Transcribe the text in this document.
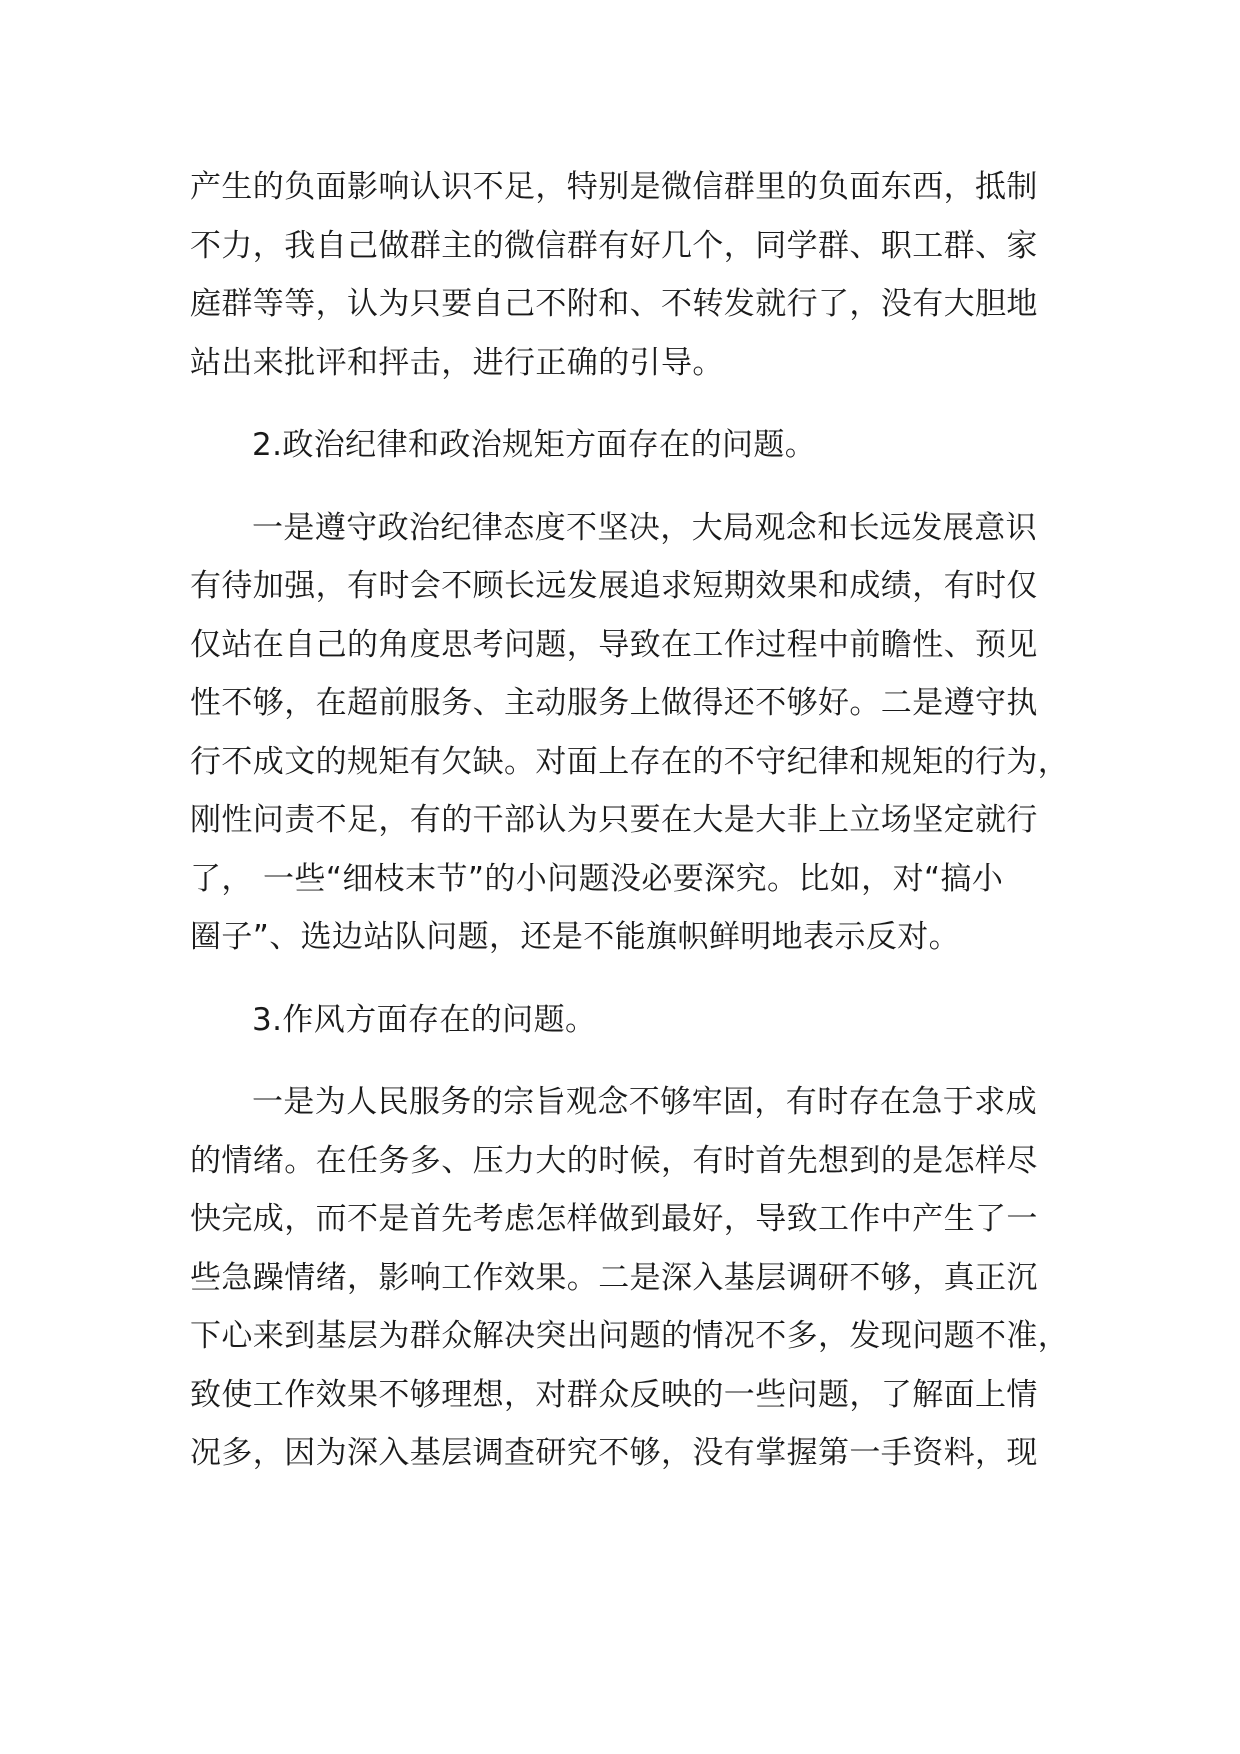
产生的负面影响认识不足，特别是微信群里的负面东西，抵制
不力，我自己做群主的微信群有好几个，同学群、职工群、家
庭群等等，认为只要自己不附和、不转发就行了，没有大胆地
站出来批评和抨击，进行正确的引导。
2.政治纪律和政治规矩方面存在的问题。
一是遵守政治纪律态度不坚决，大局观念和长远发展意识
有待加强，有时会不顾长远发展追求短期效果和成绩，有时仅
仅站在自己的角度思考问题，导致在工作过程中前瞻性、预见
性不够，在超前服务、主动服务上做得还不够好。二是遵守执
行不成文的规矩有欠缺。对面上存在的不守纪律和规矩的行为，
刚性问责不足，有的干部认为只要在大是大非上立场坚定就行
了， 一些“细枝末节”的小问题没必要深究。比如，对“搞小
圈子”、选边站队问题，还是不能旗帜鲜明地表示反对。
3.作风方面存在的问题。
一是为人民服务的宗旨观念不够牢固，有时存在急于求成
的情绪。在任务多、压力大的时候，有时首先想到的是怎样尽
快完成，而不是首先考虑怎样做到最好，导致工作中产生了一
些急躁情绪，影响工作效果。二是深入基层调研不够，真正沉
下心来到基层为群众解决突出问题的情况不多，发现问题不准，
致使工作效果不够理想，对群众反映的一些问题，了解面上情
况多，因为深入基层调查研究不够，没有掌握第一手资料，现
